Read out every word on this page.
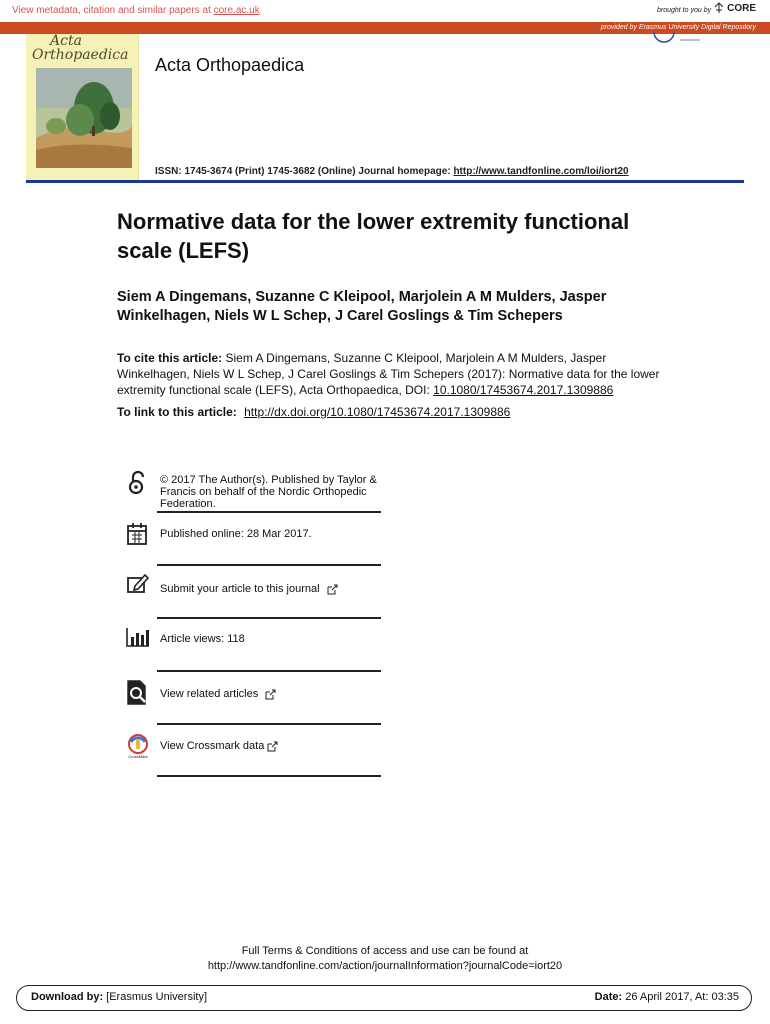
View metadata, citation and similar papers at core.ac.uk	brought to you by CORE
provided by Erasmus University Digital Repository
Acta
Orthopaedica Acta Orthopaedica
ISSN: 1745-3674 (Print) 1745-3682 (Online) Journal homepage: http://www.tandfonline.com/loi/iort20
Normative data for the lower extremity functional scale (LEFS)
Siem A Dingemans, Suzanne C Kleipool, Marjolein A M Mulders, Jasper Winkelhagen, Niels W L Schep, J Carel Goslings & Tim Schepers
To cite this article: Siem A Dingemans, Suzanne C Kleipool, Marjolein A M Mulders, Jasper Winkelhagen, Niels W L Schep, J Carel Goslings & Tim Schepers (2017): Normative data for the lower extremity functional scale (LEFS), Acta Orthopaedica, DOI: 10.1080/17453674.2017.1309886
To link to this article: http://dx.doi.org/10.1080/17453674.2017.1309886
© 2017 The Author(s). Published by Taylor & Francis on behalf of the Nordic Orthopedic Federation.
Published online: 28 Mar 2017.
Submit your article to this journal
Article views: 118
View related articles
CrossMark
View Crossmark data
Full Terms & Conditions of access and use can be found at
http://www.tandfonline.com/action/journalInformation?journalCode=iort20
Download by: [Erasmus University]	Date: 26 April 2017, At: 03:35
